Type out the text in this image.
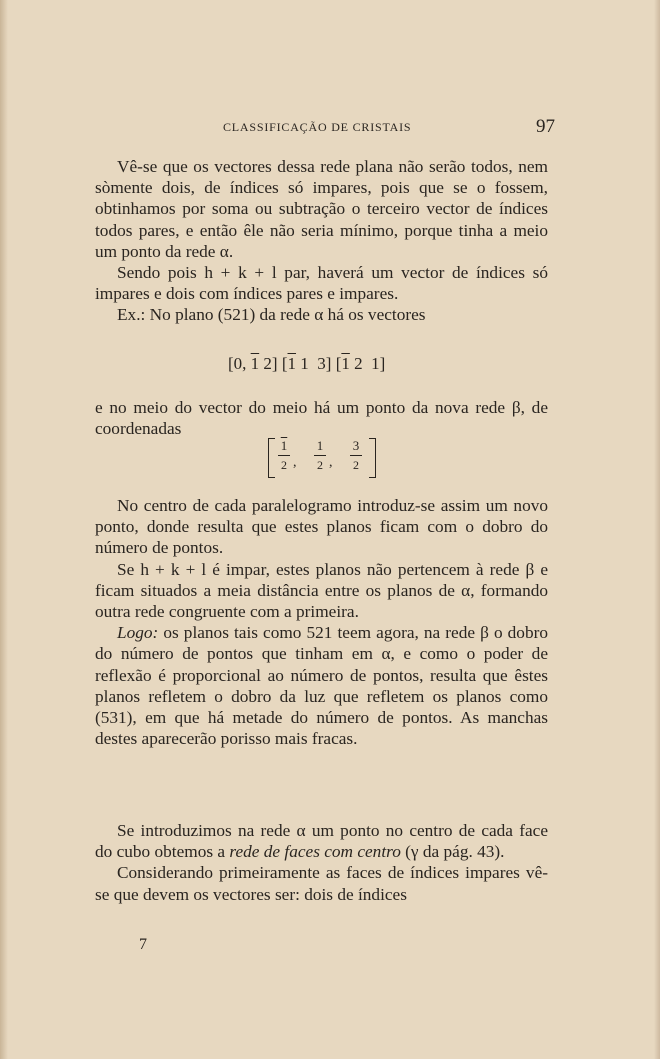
CLASSIFICAÇÃO DE CRISTAIS	97

Vê-se que os vectores dessa rede plana não serão todos, nem sòmente dois, de índices só impares, pois que se o fossem, obtinhamos por soma ou subtração o terceiro vector de índices todos pares, e então êle não seria mínimo, porque tinha a meio um ponto da rede α.

Sendo pois h + k + l par, haverá um vector de índices só impares e dois com índices pares e impares.

Ex.: No plano (521) da rede α há os vectores

[0, 1 2] [1 1  3] [1 2  1]

e no meio do vector do meio há um ponto da nova rede β, de coordenadas

1
2 ,
1
2 ,
3
2

No centro de cada paralelogramo introduz-se assim um novo ponto, donde resulta que estes planos ficam com o dobro do número de pontos.

Se h + k + l é impar, estes planos não pertencem à rede β e ficam situados a meia distância entre os planos de α, formando outra rede congruente com a primeira.

Logo: os planos tais como 521 teem agora, na rede β o dobro do número de pontos que tinham em α, e como o poder de reflexão é proporcional ao número de pontos, resulta que êstes planos refletem o dobro da luz que refletem os planos como (531), em que há metade do número de pontos. As manchas destes aparecerão porisso mais fracas.

Se introduzimos na rede α um ponto no centro de cada face do cubo obtemos a rede de faces com centro (γ da pág. 43).

Considerando primeiramente as faces de índices impares vê-se que devem os vectores ser: dois de índices

7
